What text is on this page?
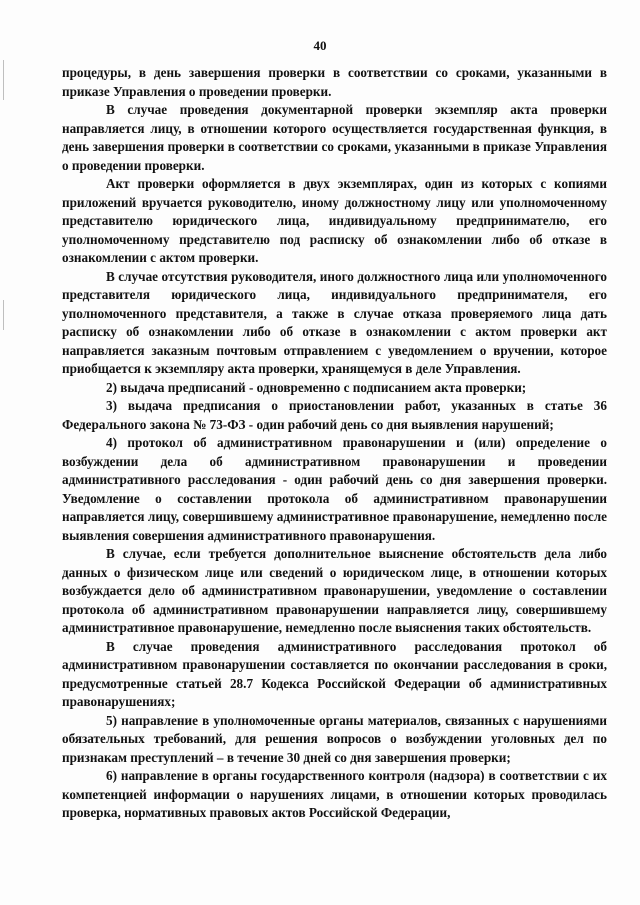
40

процедуры, в день завершения проверки в соответствии со сроками, указанными в приказе Управления о проведении проверки.

В случае проведения документарной проверки экземпляр акта проверки направляется лицу, в отношении которого осуществляется государственная функция, в день завершения проверки в соответствии со сроками, указанными в приказе Управления о проведении проверки.

Акт проверки оформляется в двух экземплярах, один из которых с копиями приложений вручается руководителю, иному должностному лицу или уполномоченному представителю юридического лица, индивидуальному предпринимателю, его уполномоченному представителю под расписку об ознакомлении либо об отказе в ознакомлении с актом проверки.

В случае отсутствия руководителя, иного должностного лица или уполномоченного представителя юридического лица, индивидуального предпринимателя, его уполномоченного представителя, а также в случае отказа проверяемого лица дать расписку об ознакомлении либо об отказе в ознакомлении с актом проверки акт направляется заказным почтовым отправлением с уведомлением о вручении, которое приобщается к экземпляру акта проверки, хранящемуся в деле Управления.

2) выдача предписаний - одновременно с подписанием акта проверки;

3) выдача предписания о приостановлении работ, указанных в статье 36 Федерального закона № 73-ФЗ - один рабочий день со дня выявления нарушений;

4) протокол об административном правонарушении и (или) определение о возбуждении дела об административном правонарушении и проведении административного расследования - один рабочий день со дня завершения проверки. Уведомление о составлении протокола об административном правонарушении направляется лицу, совершившему административное правонарушение, немедленно после выявления совершения административного правонарушения.

В случае, если требуется дополнительное выяснение обстоятельств дела либо данных о физическом лице или сведений о юридическом лице, в отношении которых возбуждается дело об административном правонарушении, уведомление о составлении протокола об административном правонарушении направляется лицу, совершившему административное правонарушение, немедленно после выяснения таких обстоятельств.

В случае проведения административного расследования протокол об административном правонарушении составляется по окончании расследования в сроки, предусмотренные статьей 28.7 Кодекса Российской Федерации об административных правонарушениях;

5) направление в уполномоченные органы материалов, связанных с нарушениями обязательных требований, для решения вопросов о возбуждении уголовных дел по признакам преступлений – в течение 30 дней со дня завершения проверки;

6) направление в органы государственного контроля (надзора) в соответствии с их компетенцией информации о нарушениях лицами, в отношении которых проводилась проверка, нормативных правовых актов Российской Федерации,
